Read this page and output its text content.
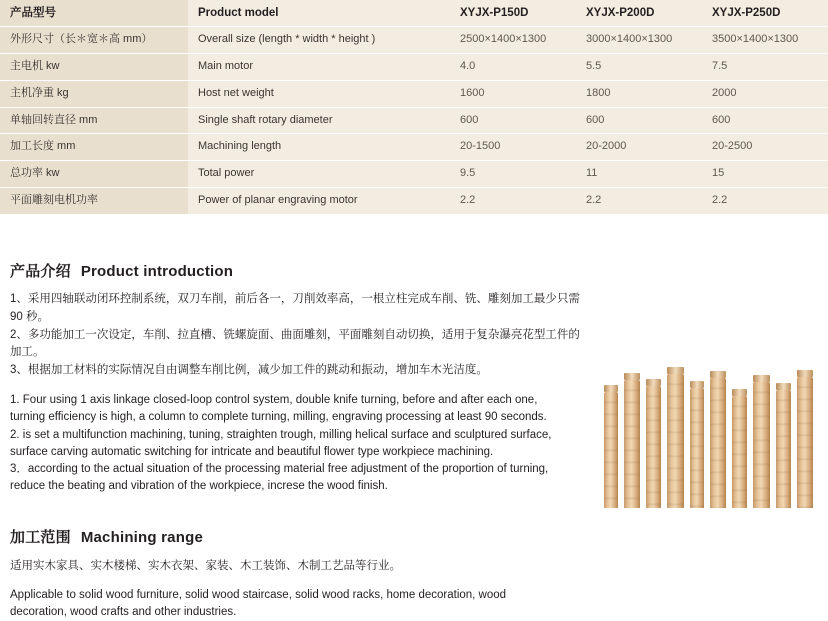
产品型号	Product model	XYJX-P150D	XYJX-P200D	XYJX-P250D
外形尺寸（长＊宽＊高 mm）	Overall size (length * width * height )	2500×1400×1300	3000×1400×1300	3500×1400×1300
主电机 kw	Main motor	4.0	5.5	7.5
主机净重 kg	Host net weight	1600	1800	2000
单轴回转直径 mm	Single shaft rotary diameter	600	600	600
加工长度 mm	Machining length	20-1500	20-2000	20-2500
总功率 kw	Total power	9.5	11	15
平面雕刻电机功率	Power of planar engraving motor	2.2	2.2	2.2
产品介绍 Product introduction

1、采用四轴联动闭环控制系统，双刀车削，前后各一，刀削效率高，一根立柱完成车削、铣、雕刻加工最少只需 90 秒。

2、多功能加工一次设定，车削、拉直槽、铣螺旋面、曲面雕刻，平面雕刻自动切换，适用于复杂瀑亮花型工件的加工。

3、根据加工材料的实际情况自由调整车削比例，减少加工件的跳动和振动，增加车木光洁度。

1. Four using 1 axis linkage closed-loop control system, double knife turning, before and after each one,

turning efficiency is high, a column to complete turning, milling, engraving processing at least 90 seconds.

2. is set a multifunction machining, tuning, straighten trough, milling helical surface and sculptured surface,

surface carving automatic switching for intricate and beautiful flower type workpiece machining.

3．according to the actual situation of the processing material free adjustment of the proportion of turning,

reduce the beating and vibration of the workpiece, increse the wood finish.

加工范围 Machining range

适用实木家具、实木楼梯、实木衣架、家装、木工装饰、木制工艺品等行业。

Applicable to solid wood furniture, solid wood staircase, solid wood racks, home decoration, wood

decoration, wood crafts and other industries.
